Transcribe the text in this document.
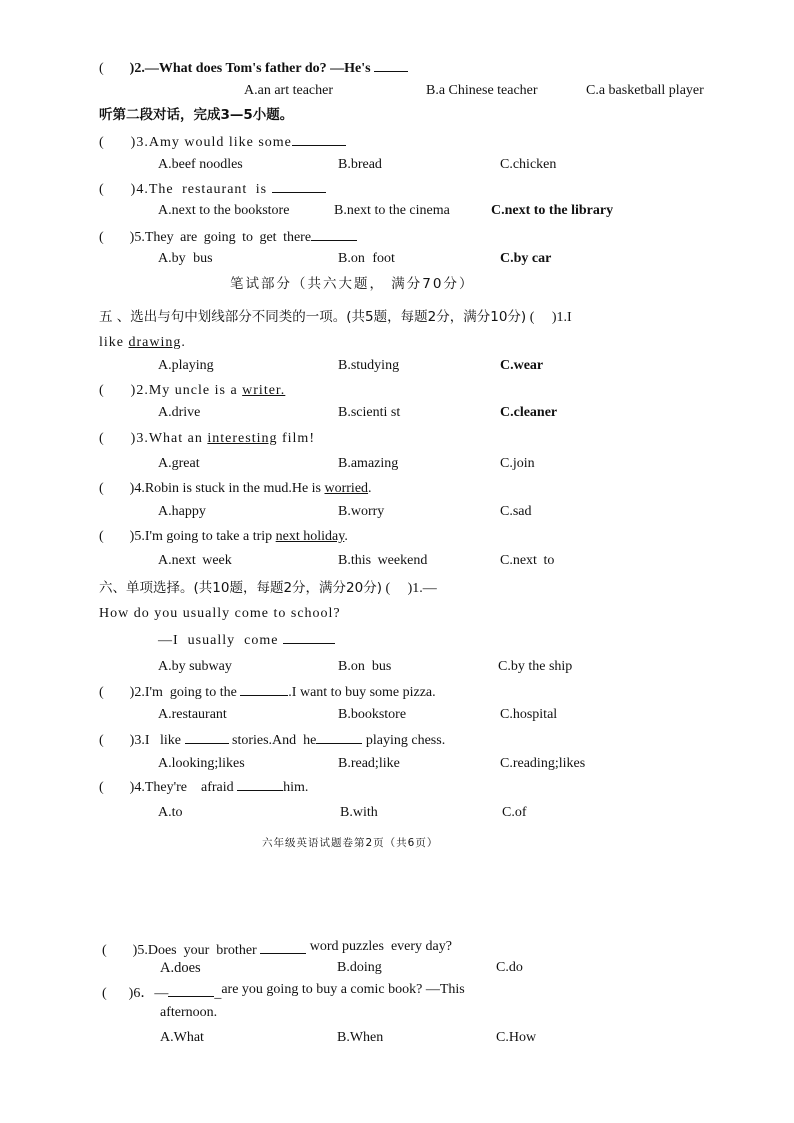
( )2.—What does Tom's father do? —He's
A.an art teacher	B.a Chinese teacher	C.a basketball player
听第二段对话，完成3—5小题。
( )3.Amy would like some
A.beef noodles	B.bread	C.chicken
( )4.The restaurant is
A.next to the bookstore	B.next to the cinema	C.next to the library
( )5.They are going to get there
A.by bus	B.on foot	C.by car
笔试部分（共六大题， 满分70分）
五 、选出与句中划线部分不同类的一项。(共5题，每题2分，满分10分) (     )1.I
like drawing.
A.playing	B.studying	C.wear
( )2.My uncle is a writer.
A.drive	B.scienti st	C.cleaner
( )3.What an interesting film!
A.great	B.amazing	C.join
( )4.Robin is stuck in the mud.He is worried.
A.happy	B.worry	C.sad
( )5.I'm going to take a trip next holiday.
A.next week	B.this weekend	C.next to
六、单项选择。(共10题，每题2分，满分20分) (     )1.—
How do you usually come to school?
—I  usually  come
A.by subway	B.on  bus	C.by the ship
( )2.I'm  going to the	.I want to buy some pizza.
A.restaurant	B.bookstore	C.hospital
( )3.I   like	stories.And  he	playing chess.
A.looking;likes	B.read;like	C.reading;likes
( )4.They're    afraid	him.
A.to	B.with	C.of
六年级英语试题卷第2页（共6页）
( )5.Does  your  brother	word puzzles  every day?
A.does	B.doing	C.do
( )6．—	_are you going to buy a comic book? —This
afternoon.
A.What	B.When	C.How
